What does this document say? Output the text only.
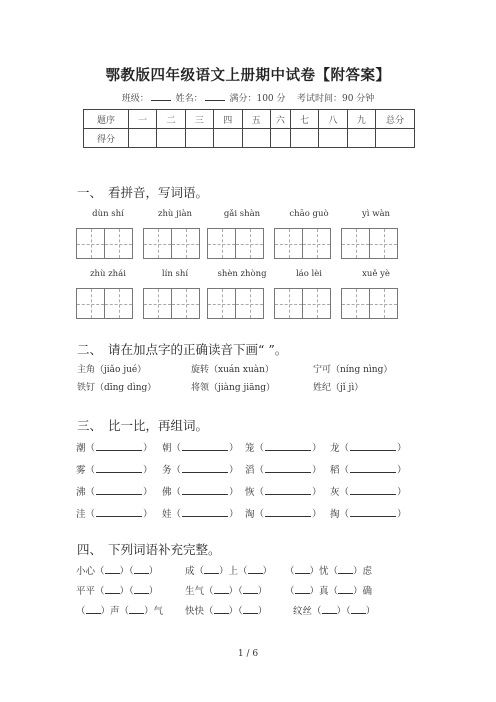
鄂教版四年级语文上册期中试卷【附答案】
班级：	姓名：	满分：100 分 考试时间：90 分钟
题序	一	二	三	四	五	六	七	八	九	总分
得分										
一、 看拼音，写词语。
dùn shí	zhù jiàn	gǎi shàn	chāo guò	yì wàn
zhù zhái	lín shí	shèn zhòng	láo lèi	xuě yè
二、 请在加点字的正确读音下画“ ”。
主角（jiǎo jué）	旋转（xuán xuàn）	宁可（níng nìng）
铁钉（dīng dìng）	将领（jiàng jiāng）	姓纪（jǐ jì）
三、 比一比，再组词。
潮（	） 朝（	） 笼（	） 龙（	）
雾（	） 务（	） 滔（	） 稻（	）
沸（	） 佛（	） 恢（	） 灰（	）
洼（	） 娃（	） 淘（	） 掏（	）
四、 下列词语补充完整。
小心（ ）（ ）	成（ ）上（ ） （ ）忧（ ）虑
平平（ ）（ ）	生气（ ）（ ） （ ）真（ ）确
（ ）声（ ）气 快快（ ）（ ）	纹丝（ ）（ ）
1 / 6
